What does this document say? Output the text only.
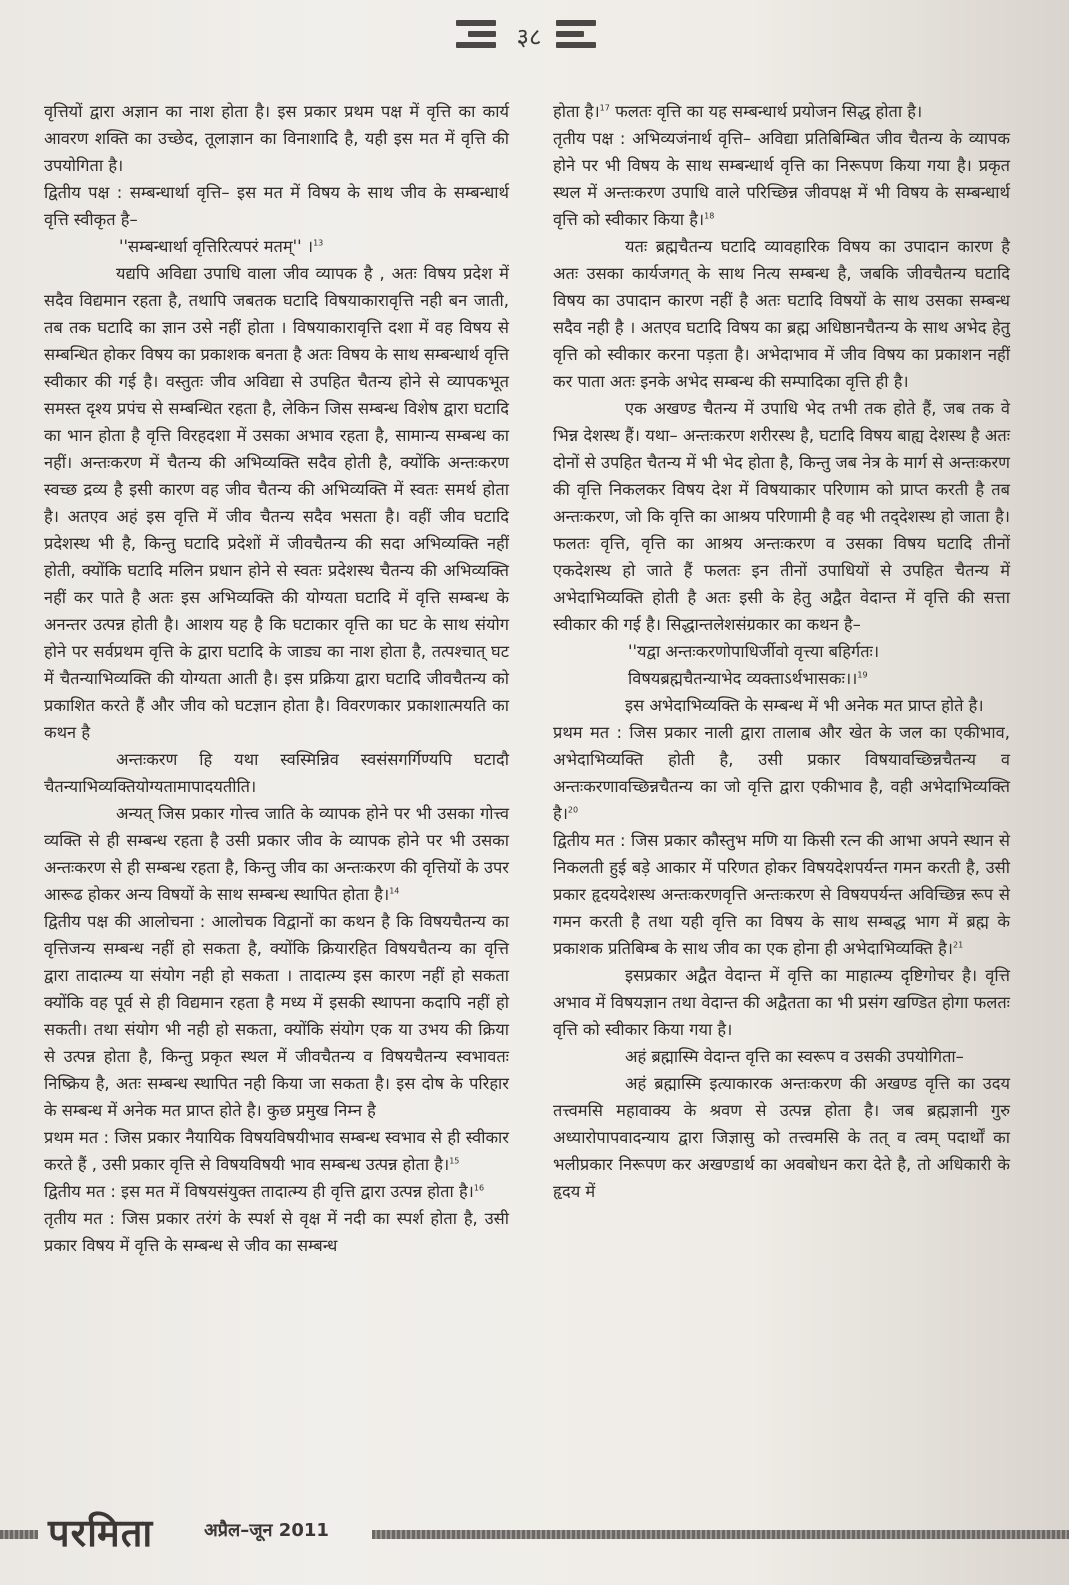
३८

वृत्तियों द्वारा अज्ञान का नाश होता है। इस प्रकार प्रथम पक्ष में वृत्ति का कार्य आवरण शक्ति का उच्छेद, तूलाज्ञान का विनाशादि है, यही इस मत में वृत्ति की उपयोगिता है।

द्वितीय पक्ष : सम्बन्धार्था वृत्ति– इस मत में विषय के साथ जीव के सम्बन्धार्थ वृत्ति स्वीकृत है–

''सम्बन्धार्था वृत्तिरित्यपरं मतम्'' ।$^{13}$

यद्यपि अविद्या उपाधि वाला जीव व्यापक है , अतः विषय प्रदेश में सदैव विद्यमान रहता है, तथापि जबतक घटादि विषयाकारावृत्ति नही बन जाती, तब तक घटादि का ज्ञान उसे नहीं होता । विषयाकारावृत्ति दशा में वह विषय से सम्बन्धित होकर विषय का प्रकाशक बनता है अतः विषय के साथ सम्बन्धार्थ वृत्ति स्वीकार की गई है। वस्तुतः जीव अविद्या से उपहित चैतन्य होने से व्यापकभूत समस्त दृश्य प्रपंच से सम्बन्धित रहता है, लेकिन जिस सम्बन्ध विशेष द्वारा घटादि का भान होता है वृत्ति विरहदशा में उसका अभाव रहता है, सामान्य सम्बन्ध का नहीं। अन्तःकरण में चैतन्य की अभिव्यक्ति सदैव होती है, क्योंकि अन्तःकरण स्वच्छ द्रव्य है इसी कारण वह जीव चैतन्य की अभिव्यक्ति में स्वतः समर्थ होता है। अतएव अहं इस वृत्ति में जीव चैतन्य सदैव भसता है। वहीं जीव घटादि प्रदेशस्थ भी है, किन्तु घटादि प्रदेशों में जीवचैतन्य की सदा अभिव्यक्ति नहीं होती, क्योंकि घटादि मलिन प्रधान होने से स्वतः प्रदेशस्थ चैतन्य की अभिव्यक्ति नहीं कर पाते है अतः इस अभिव्यक्ति की योग्यता घटादि में वृत्ति सम्बन्ध के अनन्तर उत्पन्न होती है। आशय यह है कि घटाकार वृत्ति का घट के साथ संयोग होने पर सर्वप्रथम वृत्ति के द्वारा घटादि के जाड्य का नाश होता है, तत्पश्चात् घट में चैतन्याभिव्यक्ति की योग्यता आती है। इस प्रक्रिया द्वारा घटादि जीवचैतन्य को प्रकाशित करते हैं और जीव को घटज्ञान होता है। विवरणकार प्रकाशात्मयति का कथन है

अन्तःकरण हि यथा स्वस्मिन्निव स्वसंसगर्गिण्यपि घटादौ चैतन्याभिव्यक्तियोग्यतामापादयतीति।

अन्यत् जिस प्रकार गोत्त्व जाति के व्यापक होने पर भी उसका गोत्त्व व्यक्ति से ही सम्बन्ध रहता है उसी प्रकार जीव के व्यापक होने पर भी उसका अन्तःकरण से ही सम्बन्ध रहता है, किन्तु जीव का अन्तःकरण की वृत्तियों के उपर आरूढ होकर अन्य विषयों के साथ सम्बन्ध स्थापित होता है।$^{14}$

द्वितीय पक्ष की आलोचना : आलोचक विद्वानों का कथन है कि विषयचैतन्य का वृत्तिजन्य सम्बन्ध नहीं हो सकता है, क्योंकि क्रियारहित विषयचैतन्य का वृत्ति द्वारा तादात्म्य या संयोग नही हो सकता । तादात्म्य इस कारण नहीं हो सकता क्योंकि वह पूर्व से ही विद्यमान रहता है मध्य में इसकी स्थापना कदापि नहीं हो सकती। तथा संयोग भी नही हो सकता, क्योंकि संयोग एक या उभय की क्रिया से उत्पन्न होता है, किन्तु प्रकृत स्थल में जीवचैतन्य व विषयचैतन्य स्वभावतः निष्क्रिय है, अतः सम्बन्ध स्थापित नही किया जा सकता है। इस दोष के परिहार के सम्बन्ध में अनेक मत प्राप्त होते है। कुछ प्रमुख निम्न है

प्रथम मत : जिस प्रकार नैयायिक विषयविषयीभाव सम्बन्ध स्वभाव से ही स्वीकार करते हैं , उसी प्रकार वृत्ति से विषयविषयी भाव सम्बन्ध उत्पन्न होता है।$^{15}$

द्वितीय मत : इस मत में विषयसंयुक्त तादात्म्य ही वृत्ति द्वारा उत्पन्न होता है।$^{16}$

तृतीय मत : जिस प्रकार तरंगं के स्पर्श से वृक्ष में नदी का स्पर्श होता है, उसी प्रकार विषय में वृत्ति के सम्बन्ध से जीव का सम्बन्ध

होता है।$^{17}$ फलतः वृत्ति का यह सम्बन्धार्थ प्रयोजन सिद्ध होता है।

तृतीय पक्ष : अभिव्यजंनार्थ वृत्ति– अविद्या प्रतिबिम्बित जीव चैतन्य के व्यापक होने पर भी विषय के साथ सम्बन्धार्थ वृत्ति का निरूपण किया गया है। प्रकृत स्थल में अन्तःकरण उपाधि वाले परिच्छिन्न जीवपक्ष में भी विषय के सम्बन्धार्थ वृत्ति को स्वीकार किया है।$^{18}$

यतः ब्रह्मचैतन्य घटादि व्यावहारिक विषय का उपादान कारण है अतः उसका कार्यजगत् के साथ नित्य सम्बन्ध है, जबकि जीवचैतन्य घटादि विषय का उपादान कारण नहीं है अतः घटादि विषयों के साथ उसका सम्बन्ध सदैव नही है । अतएव घटादि विषय का ब्रह्म अधिष्ठानचैतन्य के साथ अभेद हेतु वृत्ति को स्वीकार करना पड़ता है। अभेदाभाव में जीव विषय का प्रकाशन नहीं कर पाता अतः इनके अभेद सम्बन्ध की सम्पादिका वृत्ति ही है।

एक अखण्ड चैतन्य में उपाधि भेद तभी तक होते हैं, जब तक वे भिन्न देशस्थ हैं। यथा– अन्तःकरण शरीरस्थ है, घटादि विषय बाह्य देशस्थ है अतः दोनों से उपहित चैतन्य में भी भेद होता है, किन्तु जब नेत्र के मार्ग से अन्तःकरण की वृत्ति निकलकर विषय देश में विषयाकार परिणाम को प्राप्त करती है तब अन्तःकरण, जो कि वृत्ति का आश्रय परिणामी है वह भी तद्‌देशस्थ हो जाता है। फलतः वृत्ति, वृत्ति का आश्रय अन्तःकरण व उसका विषय घटादि तीनों एकदेशस्थ हो जाते हैं फलतः इन तीनों उपाधियों से उपहित चैतन्य में अभेदाभिव्यक्ति होती है अतः इसी के हेतु अद्वैत वेदान्त में वृत्ति की सत्ता स्वीकार की गई है। सिद्धान्तलेशसंग्रकार का कथन है–

''यद्वा अन्तःकरणोपाधिर्जीवो वृत्त्या बहिर्गतः।

विषयब्रह्मचैतन्याभेद व्यक्ताऽर्थभासकः।।$^{19}$

इस अभेदाभिव्यक्ति के सम्बन्ध में भी अनेक मत प्राप्त होते है।

प्रथम मत : जिस प्रकार नाली द्वारा तालाब और खेत के जल का एकीभाव, अभेदाभिव्यक्ति होती है, उसी प्रकार विषयावच्छिन्नचैतन्य व अन्तःकरणावच्छिन्नचैतन्य का जो वृत्ति द्वारा एकीभाव है, वही अभेदाभिव्यक्ति है।$^{20}$

द्वितीय मत : जिस प्रकार कौस्तुभ मणि या किसी रत्न की आभा अपने स्थान से निकलती हुई बड़े आकार में परिणत होकर विषयदेशपर्यन्त गमन करती है, उसी प्रकार हृदयदेशस्थ अन्तःकरणवृत्ति अन्तःकरण से विषयपर्यन्त अविच्छिन्न रूप से गमन करती है तथा यही वृत्ति का विषय के साथ सम्बद्ध भाग में ब्रह्म के प्रकाशक प्रतिबिम्ब के साथ जीव का एक होना ही अभेदाभिव्यक्ति है।$^{21}$

इसप्रकार अद्वैत वेदान्त में वृत्ति का माहात्म्य दृष्टिगोचर है। वृत्ति अभाव में विषयज्ञान तथा वेदान्त की अद्वैतता का भी प्रसंग खण्डित होगा फलतः वृत्ति को स्वीकार किया गया है।

अहं ब्रह्मास्मि वेदान्त वृत्ति का स्वरूप व उसकी उपयोगिता–

अहं ब्रह्मास्मि इत्याकारक अन्तःकरण की अखण्ड वृत्ति का उदय तत्त्वमसि महावाक्य के श्रवण से उत्पन्न होता है। जब ब्रह्मज्ञानी गुरु अध्यारोपापवादन्याय द्वारा जिज्ञासु को तत्त्वमसि के तत् व त्वम् पदार्थों का भलीप्रकार निरूपण कर अखण्डार्थ का अवबोधन करा देते है, तो अधिकारी के हृदय में

परमिता	अप्रैल–जून 2011
